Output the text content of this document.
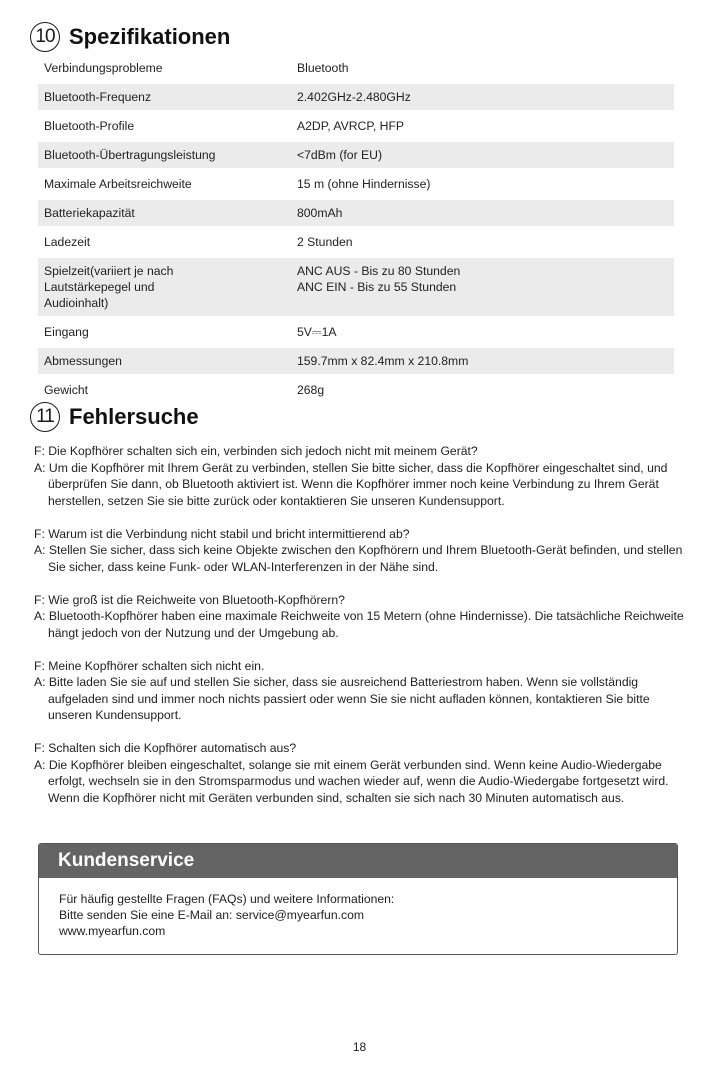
10 Spezifikationen
Verbindungsprobleme	Bluetooth

Bluetooth-Frequenz	2.402GHz-2.480GHz

Bluetooth-Profile	A2DP, AVRCP, HFP

Bluetooth-Übertragungsleistung	<7dBm (for EU)

Maximale Arbeitsreichweite	15 m (ohne Hindernisse)

Batteriekapazität	800mAh

Ladezeit	2 Stunden

Spielzeit(variiert je nach
Lautstärkepegel und
Audioinhalt)	ANC AUS - Bis zu 80 Stunden
ANC EIN - Bis zu 55 Stunden

Eingang	5V⎓1A

Abmessungen	159.7mm x 82.4mm x 210.8mm

Gewicht	268g
11 Fehlersuche

F: Die Kopfhörer schalten sich ein, verbinden sich jedoch nicht mit meinem Gerät?

A: Um die Kopfhörer mit Ihrem Gerät zu verbinden, stellen Sie bitte sicher, dass die Kopfhörer eingeschaltet sind, und überprüfen Sie dann, ob Bluetooth aktiviert ist. Wenn die Kopfhörer immer noch keine Verbindung zu Ihrem Gerät herstellen, setzen Sie sie bitte zurück oder kontaktieren Sie unseren Kundensupport.

F: Warum ist die Verbindung nicht stabil und bricht intermittierend ab?

A: Stellen Sie sicher, dass sich keine Objekte zwischen den Kopfhörern und Ihrem Bluetooth-Gerät befinden, und stellen Sie sicher, dass keine Funk- oder WLAN-Interferenzen in der Nähe sind.

F: Wie groß ist die Reichweite von Bluetooth-Kopfhörern?

A: Bluetooth-Kopfhörer haben eine maximale Reichweite von 15 Metern (ohne Hindernisse). Die tatsächliche Reichweite hängt jedoch von der Nutzung und der Umgebung ab.

F: Meine Kopfhörer schalten sich nicht ein.

A: Bitte laden Sie sie auf und stellen Sie sicher, dass sie ausreichend Batteriestrom haben. Wenn sie vollständig aufgeladen sind und immer noch nichts passiert oder wenn Sie sie nicht aufladen können, kontaktieren Sie bitte unseren Kundensupport.

F: Schalten sich die Kopfhörer automatisch aus?

A: Die Kopfhörer bleiben eingeschaltet, solange sie mit einem Gerät verbunden sind. Wenn keine Audio-Wiedergabe erfolgt, wechseln sie in den Stromsparmodus und wachen wieder auf, wenn die Audio-Wiedergabe fortgesetzt wird. Wenn die Kopfhörer nicht mit Geräten verbunden sind, schalten sie sich nach 30 Minuten automatisch aus.

Kundenservice
Für häufig gestellte Fragen (FAQs) und weitere Informationen:
Bitte senden Sie eine E-Mail an: service@myearfun.com
www.myearfun.com
18
